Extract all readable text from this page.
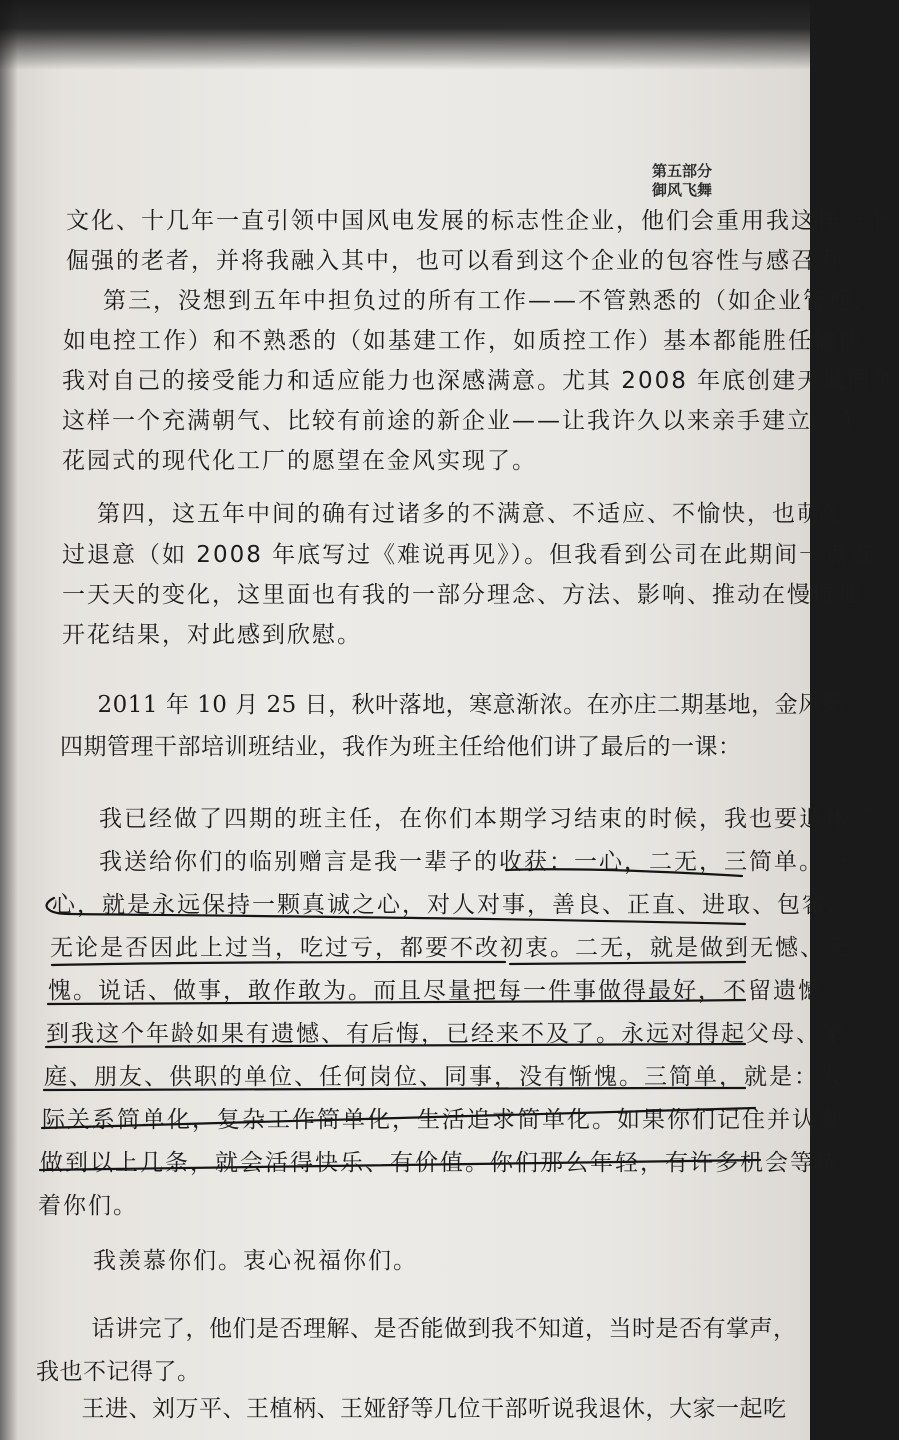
第五部分
御风飞舞
文化、十几年一直引领中国风电发展的标志性企业，他们会重用我这样一个
倔强的老者，并将我融入其中，也可以看到这个企业的包容性与感召力。
　第三，没想到五年中担负过的所有工作——不管熟悉的（如企业管理，
如电控工作）和不熟悉的（如基建工作，如质控工作）基本都能胜任愉快。
我对自己的接受能力和适应能力也深感满意。尤其 2008 年底创建天诚同创
这样一个充满朝气、比较有前途的新企业——让我许久以来亲手建立一个
花园式的现代化工厂的愿望在金风实现了。
　第四，这五年中间的确有过诸多的不满意、不适应、不愉快，也萌生
过退意（如 2008 年底写过《难说再见》）。但我看到公司在此期间一点点
一天天的变化，这里面也有我的一部分理念、方法、影响、推动在慢慢地
开花结果，对此感到欣慰。
　2011 年 10 月 25 日，秋叶落地，寒意渐浓。在亦庄二期基地，金风第
四期管理干部培训班结业，我作为班主任给他们讲了最后的一课：
　我已经做了四期的班主任，在你们本期学习结束的时候，我也要退休了。
　我送给你们的临别赠言是我一辈子的收获：一心，二无，三简单。一
心，就是永远保持一颗真诚之心，对人对事，善良、正直、进取、包容，
无论是否因此上过当，吃过亏，都要不改初衷。二无，就是做到无憾、无
愧。说话、做事，敢作敢为。而且尽量把每一件事做得最好，不留遗憾；
到我这个年龄如果有遗憾、有后悔，已经来不及了。永远对得起父母、家
庭、朋友、供职的单位、任何岗位、同事，没有惭愧。三简单，就是：人
际关系简单化，复杂工作简单化，生活追求简单化。如果你们记住并认真
做到以上几条，就会活得快乐、有价值。你们那么年轻，有许多机会等待
着你们。
　我羡慕你们。衷心祝福你们。
　话讲完了，他们是否理解、是否能做到我不知道，当时是否有掌声，
我也不记得了。
　王进、刘万平、王植柄、王娅舒等几位干部听说我退休，大家一起吃
